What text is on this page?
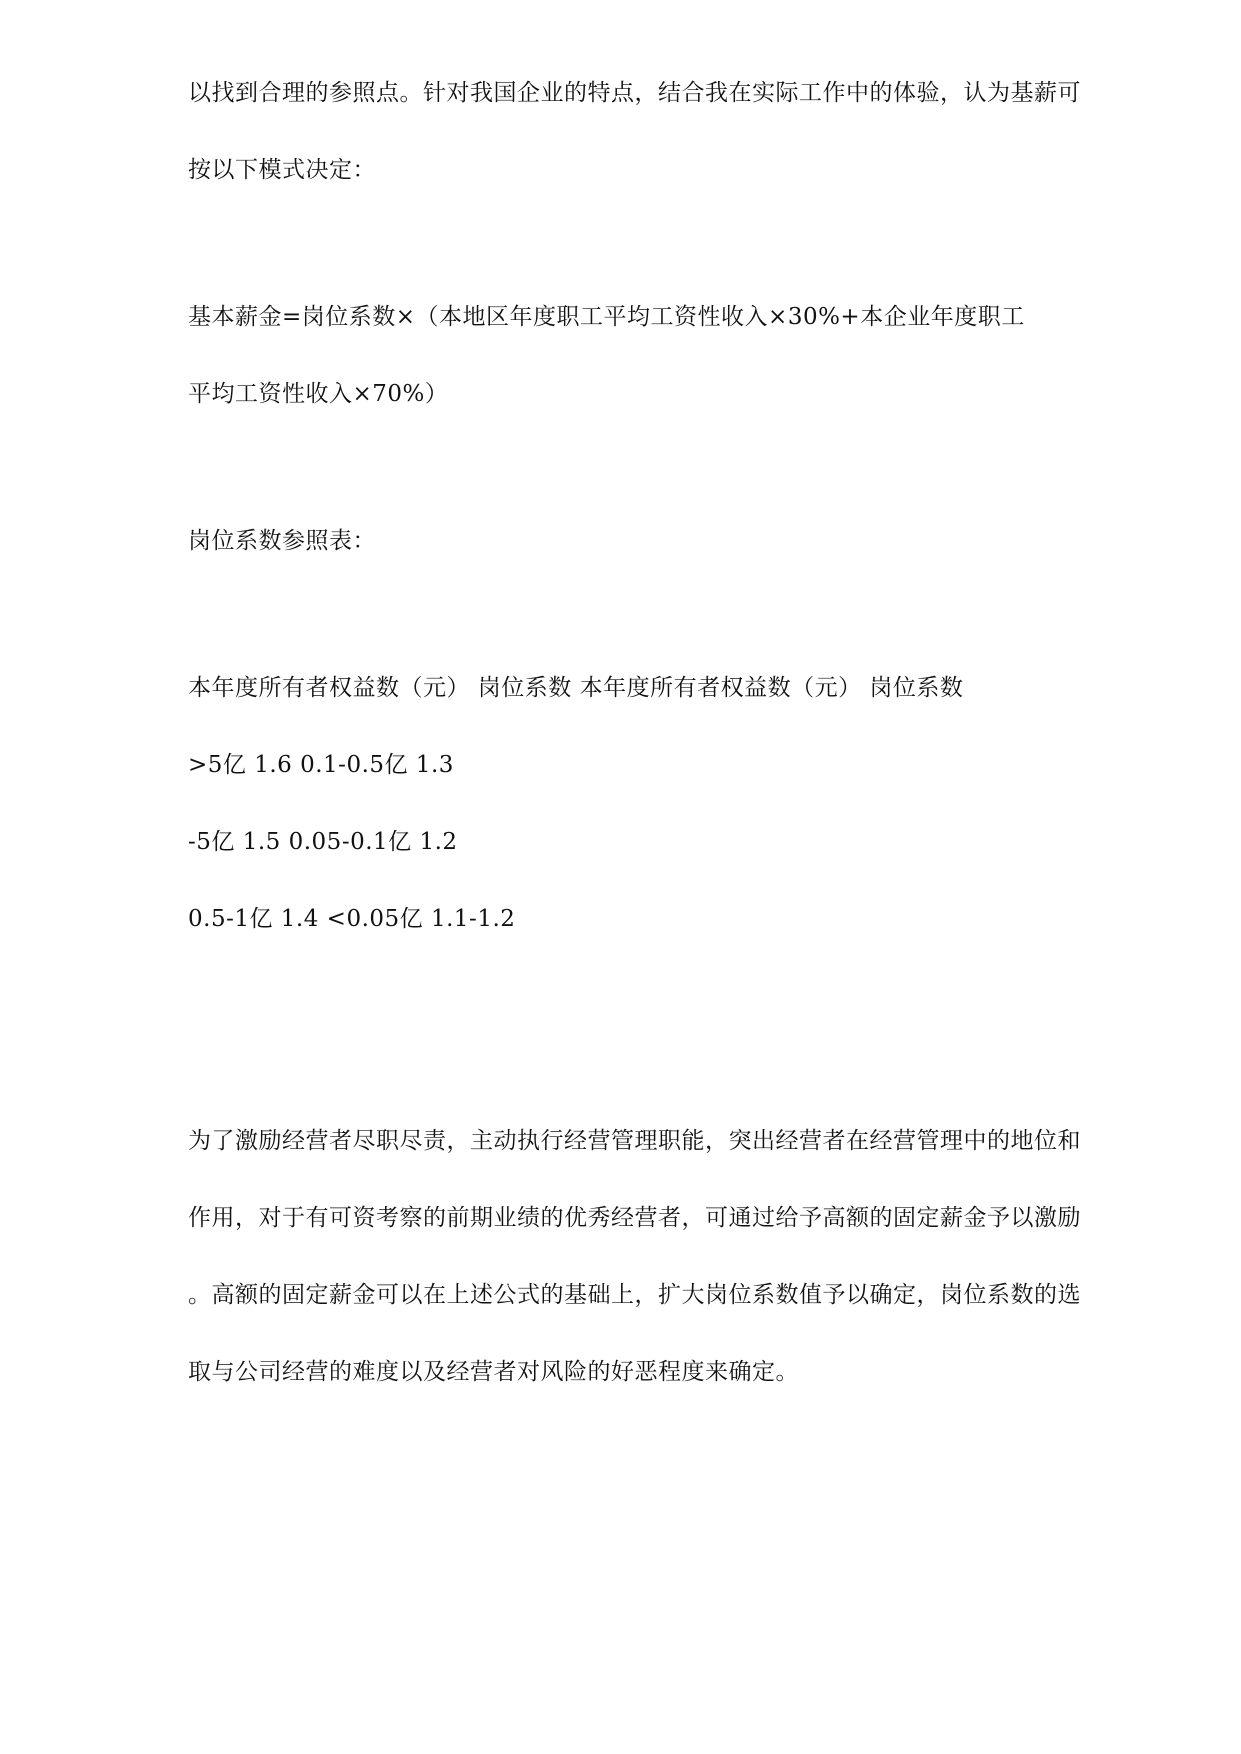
以找到合理的参照点。针对我国企业的特点，结合我在实际工作中的体验，认为基薪可
按以下模式决定：
基本薪金=岗位系数×（本地区年度职工平均工资性收入×30%+本企业年度职工
平均工资性收入×70%）
岗位系数参照表：
本年度所有者权益数（元） 岗位系数 本年度所有者权益数（元） 岗位系数
>5亿 1.6 0.1-0.5亿 1.3
-5亿 1.5 0.05-0.1亿 1.2
0.5-1亿 1.4 <0.05亿 1.1-1.2
为了激励经营者尽职尽责，主动执行经营管理职能，突出经营者在经营管理中的地位和
作用，对于有可资考察的前期业绩的优秀经营者，可通过给予高额的固定薪金予以激励
。高额的固定薪金可以在上述公式的基础上，扩大岗位系数值予以确定，岗位系数的选
取与公司经营的难度以及经营者对风险的好恶程度来确定。
